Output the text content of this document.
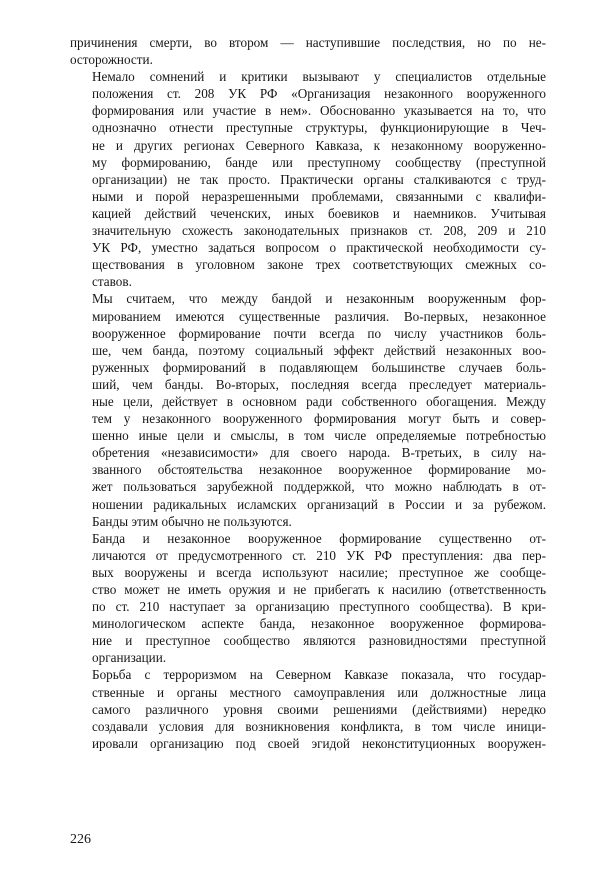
причинения смерти, во втором — наступившие последствия, но по не-
осторожности.

Немало сомнений и критики вызывают у специалистов отдельные
положения ст. 208 УК РФ «Организация незаконного вооруженного
формирования или участие в нем». Обоснованно указывается на то, что
однозначно отнести преступные структуры, функционирующие в Чеч-
не и других регионах Северного Кавказа, к незаконному вооруженно-
му формированию, банде или преступному сообществу (преступной
организации) не так просто. Практически органы сталкиваются с труд-
ными и порой неразрешенными проблемами, связанными с квалифи-
кацией действий чеченских, иных боевиков и наемников. Учитывая
значительную схожесть законодательных признаков ст. 208, 209 и 210
УК РФ, уместно задаться вопросом о практической необходимости су-
ществования в уголовном законе трех соответствующих смежных со-
ставов.

Мы считаем, что между бандой и незаконным вооруженным фор-
мированием имеются существенные различия. Во-первых, незаконное
вооруженное формирование почти всегда по числу участников боль-
ше, чем банда, поэтому социальный эффект действий незаконных воо-
руженных формирований в подавляющем большинстве случаев боль-
ший, чем банды. Во-вторых, последняя всегда преследует материаль-
ные цели, действует в основном ради собственного обогащения. Между
тем у незаконного вооруженного формирования могут быть и совер-
шенно иные цели и смыслы, в том числе определяемые потребностью
обретения «независимости» для своего народа. В-третьих, в силу на-
званного обстоятельства незаконное вооруженное формирование мо-
жет пользоваться зарубежной поддержкой, что можно наблюдать в от-
ношении радикальных исламских организаций в России и за рубежом.
Банды этим обычно не пользуются.

Банда и незаконное вооруженное формирование существенно от-
личаются от предусмотренного ст. 210 УК РФ преступления: два пер-
вых вооружены и всегда используют насилие; преступное же сообще-
ство может не иметь оружия и не прибегать к насилию (ответственность
по ст. 210 наступает за организацию преступного сообщества). В кри-
минологическом аспекте банда, незаконное вооруженное формирова-
ние и преступное сообщество являются разновидностями преступной
организации.

Борьба с терроризмом на Северном Кавказе показала, что государ-
ственные и органы местного самоуправления или должностные лица
самого различного уровня своими решениями (действиями) нередко
создавали условия для возникновения конфликта, в том числе иници-
ировали организацию под своей эгидой неконституционных вооружен-

226
